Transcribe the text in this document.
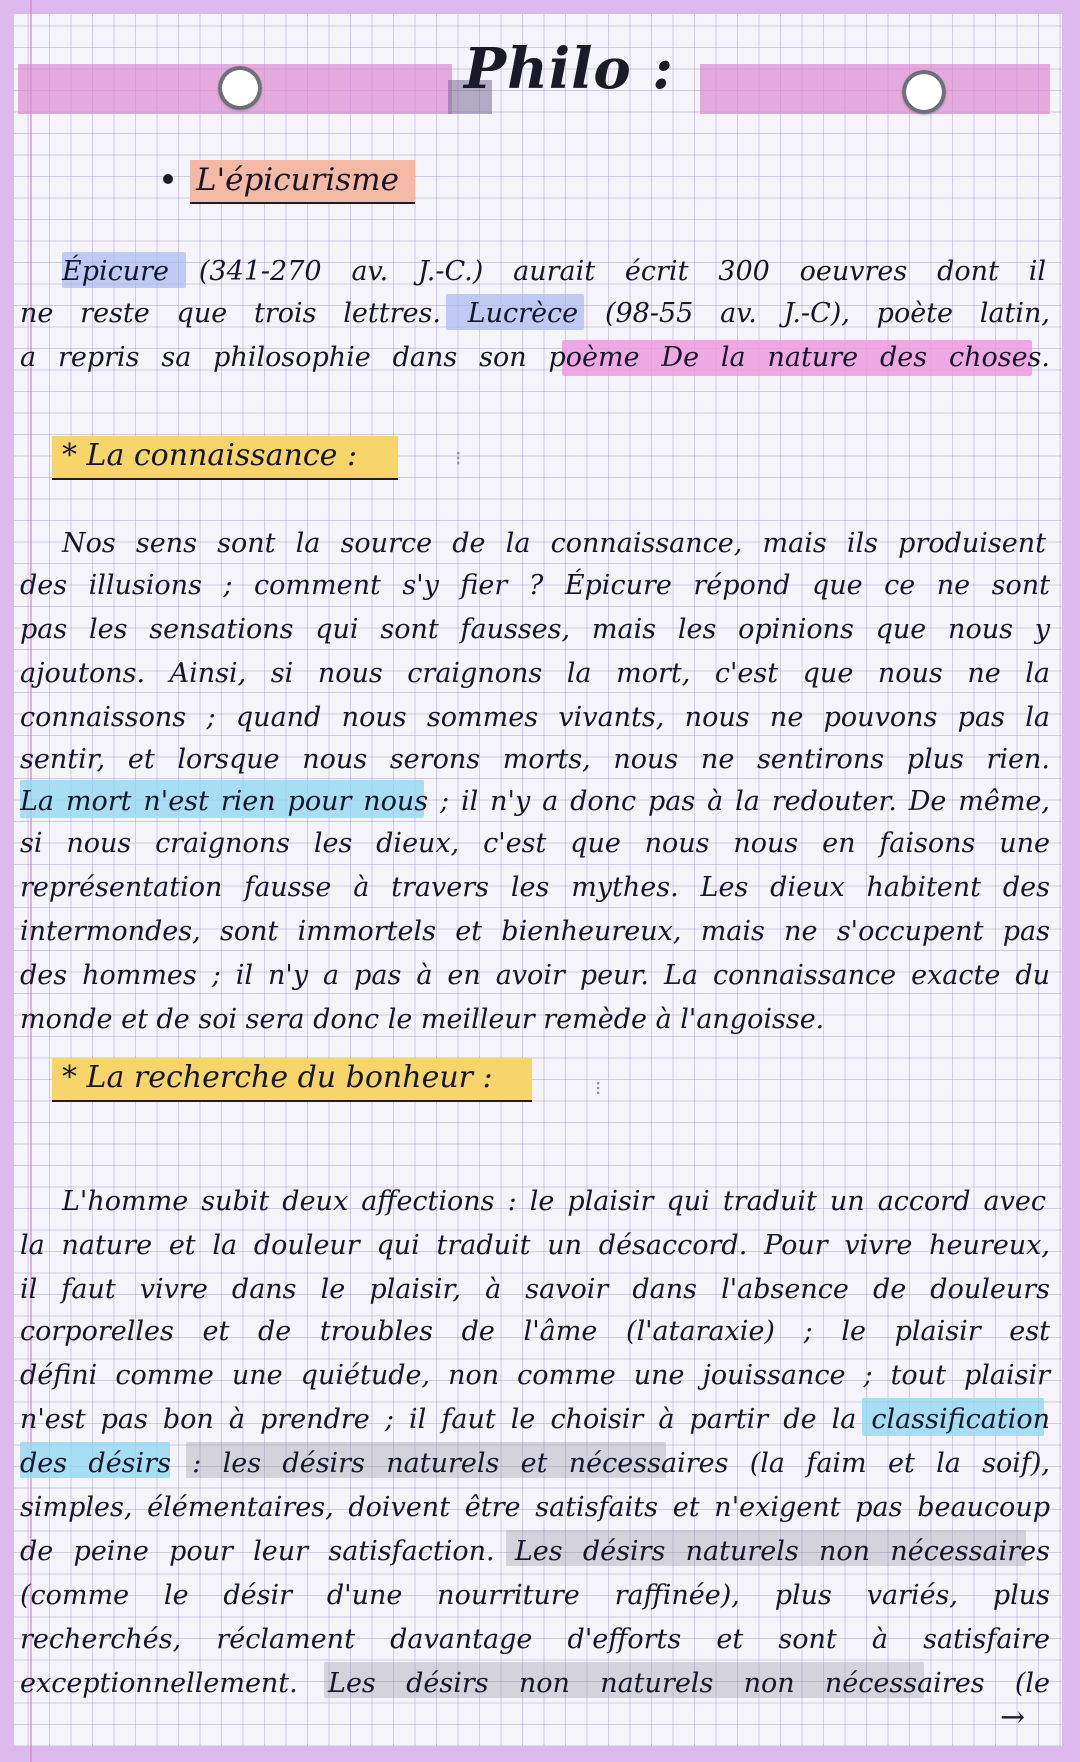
Philo :
L'épicurisme
* La connaissance :	⁝
* La recherche du bonheur :	⁝
Épicure (341-270 av. J.-C.) aurait écrit 300 oeuvres dont il
ne reste que trois lettres. Lucrèce (98-55 av. J.-C), poète latin,
a repris sa philosophie dans son poème De la nature des choses.
Nos sens sont la source de la connaissance, mais ils produisent
des illusions ; comment s'y fier ? Épicure répond que ce ne sont
pas les sensations qui sont fausses, mais les opinions que nous y
ajoutons. Ainsi, si nous craignons la mort, c'est que nous ne la
connaissons ; quand nous sommes vivants, nous ne pouvons pas la
sentir, et lorsque nous serons morts, nous ne sentirons plus rien.
La mort n'est rien pour nous ; il n'y a donc pas à la redouter. De même,
si nous craignons les dieux, c'est que nous nous en faisons une
représentation fausse à travers les mythes. Les dieux habitent des
intermondes, sont immortels et bienheureux, mais ne s'occupent pas
des hommes ; il n'y a pas à en avoir peur. La connaissance exacte du
monde et de soi sera donc le meilleur remède à l'angoisse.
L'homme subit deux affections : le plaisir qui traduit un accord avec
la nature et la douleur qui traduit un désaccord. Pour vivre heureux,
il faut vivre dans le plaisir, à savoir dans l'absence de douleurs
corporelles et de troubles de l'âme (l'ataraxie) ; le plaisir est
défini comme une quiétude, non comme une jouissance ; tout plaisir
n'est pas bon à prendre ; il faut le choisir à partir de la classification
des désirs : les désirs naturels et nécessaires (la faim et la soif),
simples, élémentaires, doivent être satisfaits et n'exigent pas beaucoup
de peine pour leur satisfaction. Les désirs naturels non nécessaires
(comme le désir d'une nourriture raffinée), plus variés, plus
recherchés, réclament davantage d'efforts et sont à satisfaire
exceptionnellement. Les désirs non naturels non nécessaires (le
→
